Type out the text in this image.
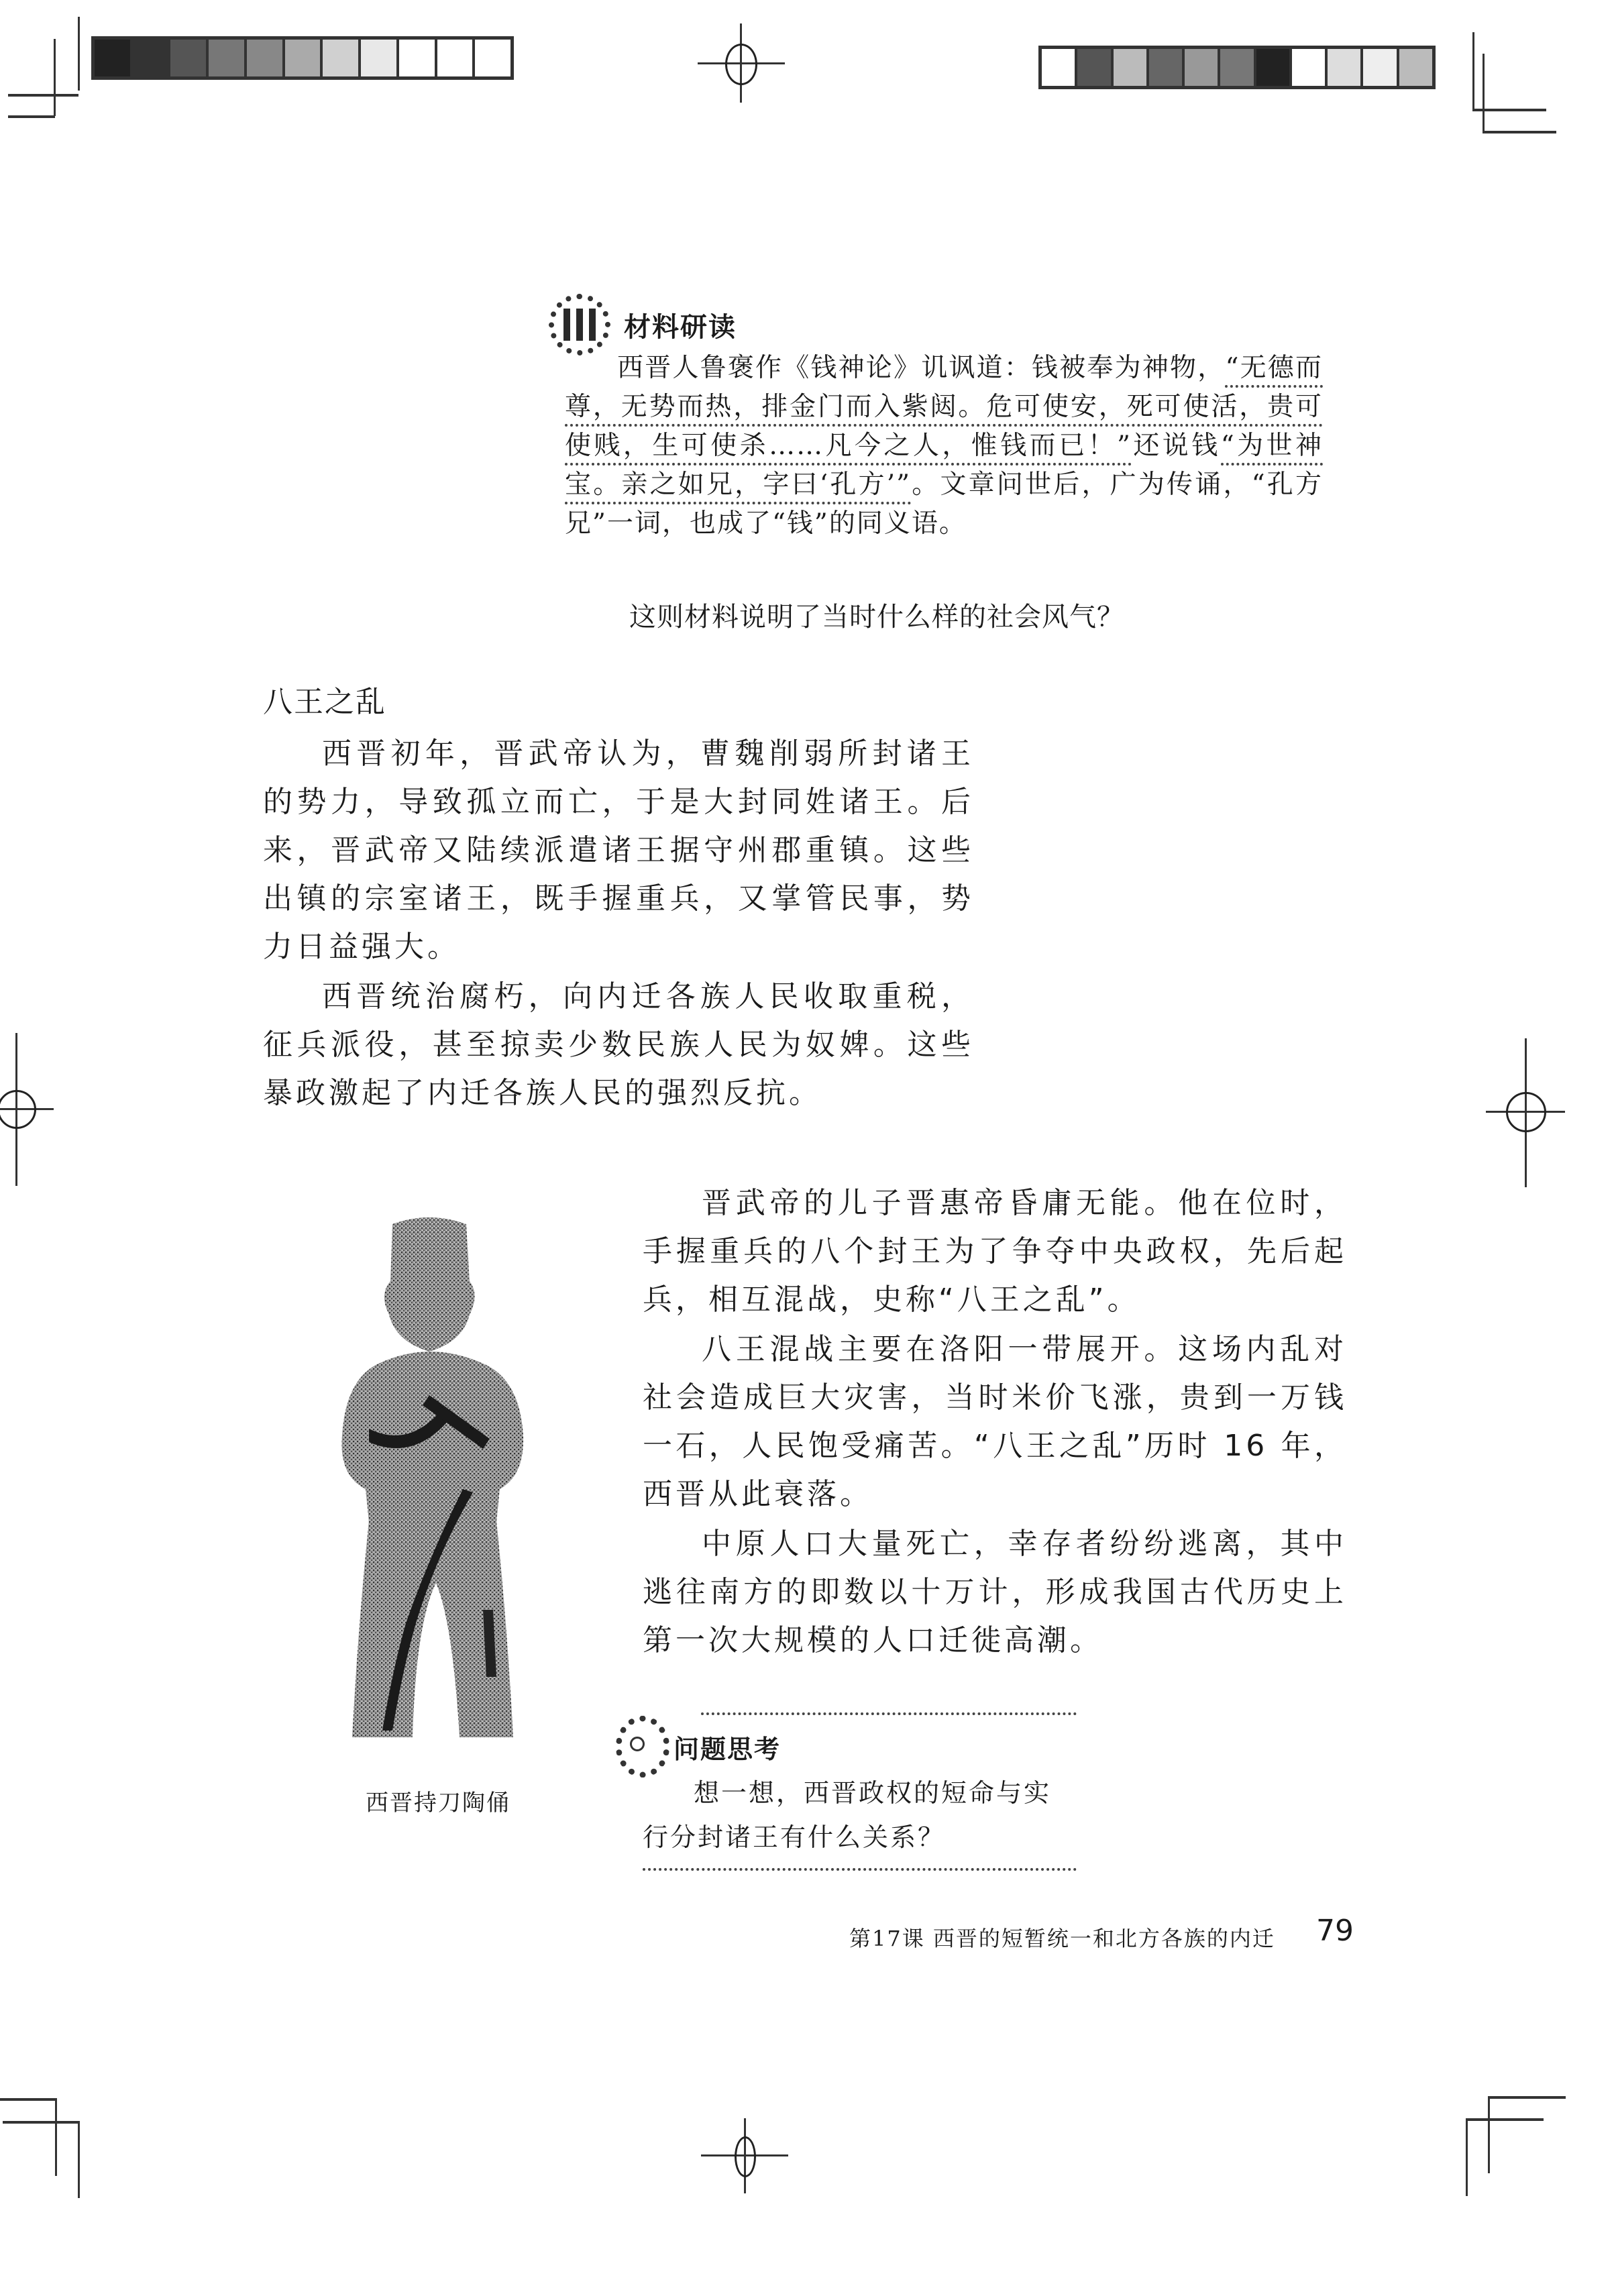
材料研读

西晋人鲁褒作《钱神论》讥讽道：钱被奉为神物，“无德而尊，无势而热，排金门而入紫闼。危可使安，死可使活，贵可使贱，生可使杀……凡今之人，惟钱而已！”还说钱“为世神宝。亲之如兄，字曰‘孔方’”。文章问世后，广为传诵，“孔方兄”一词，也成了“钱”的同义语。

这则材料说明了当时什么样的社会风气？
八王之乱

西晋初年，晋武帝认为，曹魏削弱所封诸王的势力，导致孤立而亡，于是大封同姓诸王。后来，晋武帝又陆续派遣诸王据守州郡重镇。这些出镇的宗室诸王，既手握重兵，又掌管民事，势力日益强大。

西晋统治腐朽，向内迁各族人民收取重税，征兵派役，甚至掠卖少数民族人民为奴婢。这些暴政激起了内迁各族人民的强烈反抗。

西晋持刀陶俑

晋武帝的儿子晋惠帝昏庸无能。他在位时，手握重兵的八个封王为了争夺中央政权，先后起兵，相互混战，史称“八王之乱”。

八王混战主要在洛阳一带展开。这场内乱对社会造成巨大灾害，当时米价飞涨，贵到一万钱一石，人民饱受痛苦。“八王之乱”历时 16 年，西晋从此衰落。

中原人口大量死亡，幸存者纷纷逃离，其中逃往南方的即数以十万计，形成我国古代历史上第一次大规模的人口迁徙高潮。

问题思考

想一想，西晋政权的短命与实行分封诸王有什么关系？

第17课 西晋的短暂统一和北方各族的内迁 79
